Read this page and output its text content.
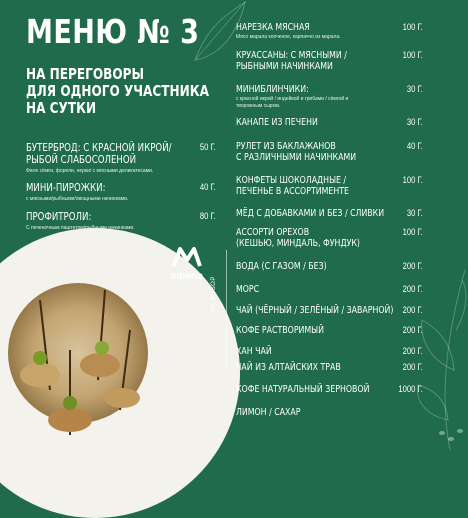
siberia
МЕНЮ № 3
НА ПЕРЕГОВОРЫ
ДЛЯ ОДНОГО УЧАСТНИКА
НА СУТКИ
БУТЕРБРОД: С КРАСНОЙ ИКРОЙ/
РЫБОЙ СЛАБОСОЛЕНОЙ
Филе сёмги, форели, нерки/ с мясными деликатесами.
50 Г.
МИНИ-ПИРОЖКИ:
с мясными/рыбными/овощными начинками.
40 Г.
ПРОФИТРОЛИ:
С печеночным паштетом/рыбными начинками.
80 Г.
НАРЕЗКА МЯСНАЯ
Мясо марала копченое, карпаччо из марала.
100 Г.
КРУАССАНЫ: С МЯСНЫМИ /
РЫБНЫМИ НАЧИНКАМИ
100 Г.
МИНИБЛИНЧИКИ:
с красной икрой / индейкой и грибами / сёмгой и
творожным сыром.
30 Г.
КАНАПЕ ИЗ ПЕЧЕНИ	30 Г.
РУЛЕТ ИЗ БАКЛАЖАНОВ
С РАЗЛИЧНЫМИ НАЧИНКАМИ
40 Г.
КОНФЕТЫ ШОКОЛАДНЫЕ /
ПЕЧЕНЬЕ В АССОРТИМЕНТЕ
100 Г.
МЁД С ДОБАВКАМИ И БЕЗ / СЛИВКИ	30 Г.
АССОРТИ ОРЕХОВ
(КЕШЬЮ, МИНДАЛЬ, ФУНДУК)
100 Г.
НА ВЫБОР
ВОДА (С ГАЗОМ / БЕЗ)	200 Г.
МОРС	200 Г.
ЧАЙ (ЧЁРНЫЙ / ЗЕЛЁНЫЙ / ЗАВАРНОЙ) 200 Г.
КОФЕ РАСТВОРИМЫЙ	200 Г.
ХАН ЧАЙ	200 Г.
ЧАЙ ИЗ АЛТАЙСКИХ ТРАВ	200 Г.
КОФЕ НАТУРАЛЬНЫЙ ЗЕРНОВОЙ	1000 Г.
ЛИМОН / САХАР
